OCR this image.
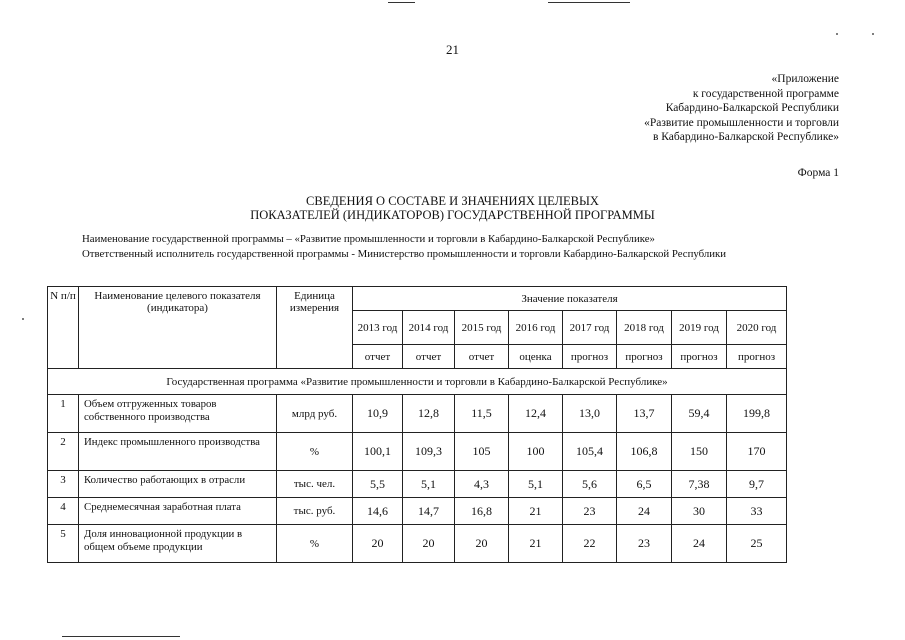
21
«Приложение
к государственной программе
Кабардино-Балкарской Республики
«Развитие промышленности и торговли
в Кабардино-Балкарской Республике»
Форма 1
СВЕДЕНИЯ О СОСТАВЕ И ЗНАЧЕНИЯХ ЦЕЛЕВЫХ
ПОКАЗАТЕЛЕЙ (ИНДИКАТОРОВ) ГОСУДАРСТВЕННОЙ ПРОГРАММЫ
Наименование государственной программы – «Развитие промышленности и торговли в Кабардино-Балкарской Республике»
Ответственный исполнитель государственной программы - Министерство промышленности и торговли Кабардино-Балкарской Республики
N п/п	Наименование целевого показателя (индикатора)	Единица измерения	Значение показателя							
			2013 год	2014 год	2015 год	2016 год	2017 год	2018 год	2019 год	2020 год
			отчет	отчет	отчет	оценка	прогноз	прогноз	прогноз	прогноз
Государственная программа «Развитие промышленности и торговли в Кабардино-Балкарской Республике»										
1	Объем отгруженных товаров собственного производства	млрд руб.	10,9	12,8	11,5	12,4	13,0	13,7	59,4	199,8
2	Индекс промышленного производства	%	100,1	109,3	105	100	105,4	106,8	150	170
3	Количество работающих в отрасли	тыс. чел.	5,5	5,1	4,3	5,1	5,6	6,5	7,38	9,7
4	Среднемесячная заработная плата	тыс. руб.	14,6	14,7	16,8	21	23	24	30	33
5	Доля инновационной продукции в общем объеме продукции	%	20	20	20	21	22	23	24	25
